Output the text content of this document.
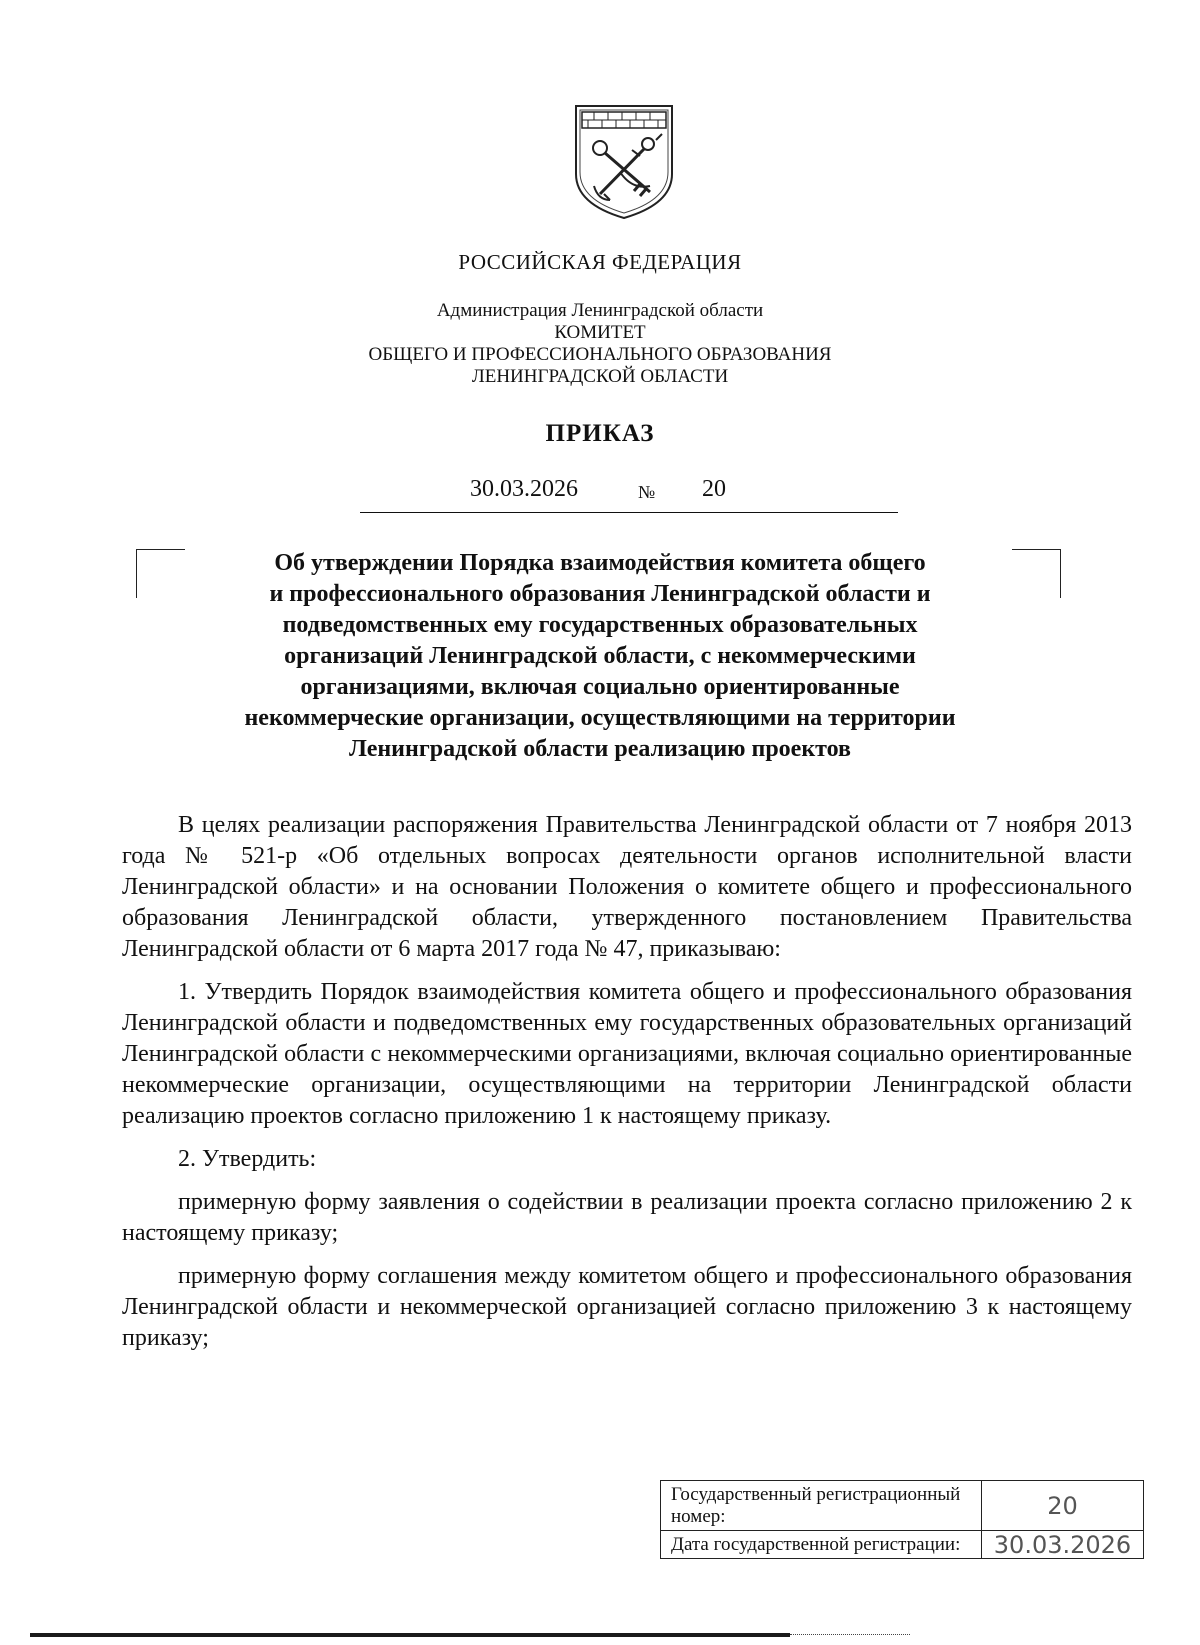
РОССИЙСКАЯ ФЕДЕРАЦИЯ
Администрация Ленинградской области
КОМИТЕТ
ОБЩЕГО И ПРОФЕССИОНАЛЬНОГО ОБРАЗОВАНИЯ
ЛЕНИНГРАДСКОЙ ОБЛАСТИ
ПРИКАЗ
30.03.2026	№ 20
Об утверждении Порядка взаимодействия комитета общего
и профессионального образования Ленинградской области и
подведомственных ему государственных образовательных
организаций Ленинградской области, с некоммерческими
организациями, включая социально ориентированные
некоммерческие организации, осуществляющими на территории
Ленинградской области реализацию проектов

В целях реализации распоряжения Правительства Ленинградской области от 7 ноября 2013 года № 521-р «Об отдельных вопросах деятельности органов исполнительной власти Ленинградской области» и на основании Положения о комитете общего и профессионального образования Ленинградской области, утвержденного постановлением Правительства Ленинградской области от 6 марта 2017 года № 47, приказываю:

1. Утвердить Порядок взаимодействия комитета общего и профессионального образования Ленинградской области и подведомственных ему государственных образовательных организаций Ленинградской области с некоммерческими организациями, включая социально ориентированные некоммерческие организации, осуществляющими на территории Ленинградской области реализацию проектов согласно приложению 1 к настоящему приказу.

2. Утвердить:

примерную форму заявления о содействии в реализации проекта согласно приложению 2 к настоящему приказу;

примерную форму соглашения между комитетом общего и профессионального образования Ленинградской области и некоммерческой организацией согласно приложению 3 к настоящему приказу;

Государственный регистрационный номер:	20
Дата государственной регистрации:	30.03.2026
